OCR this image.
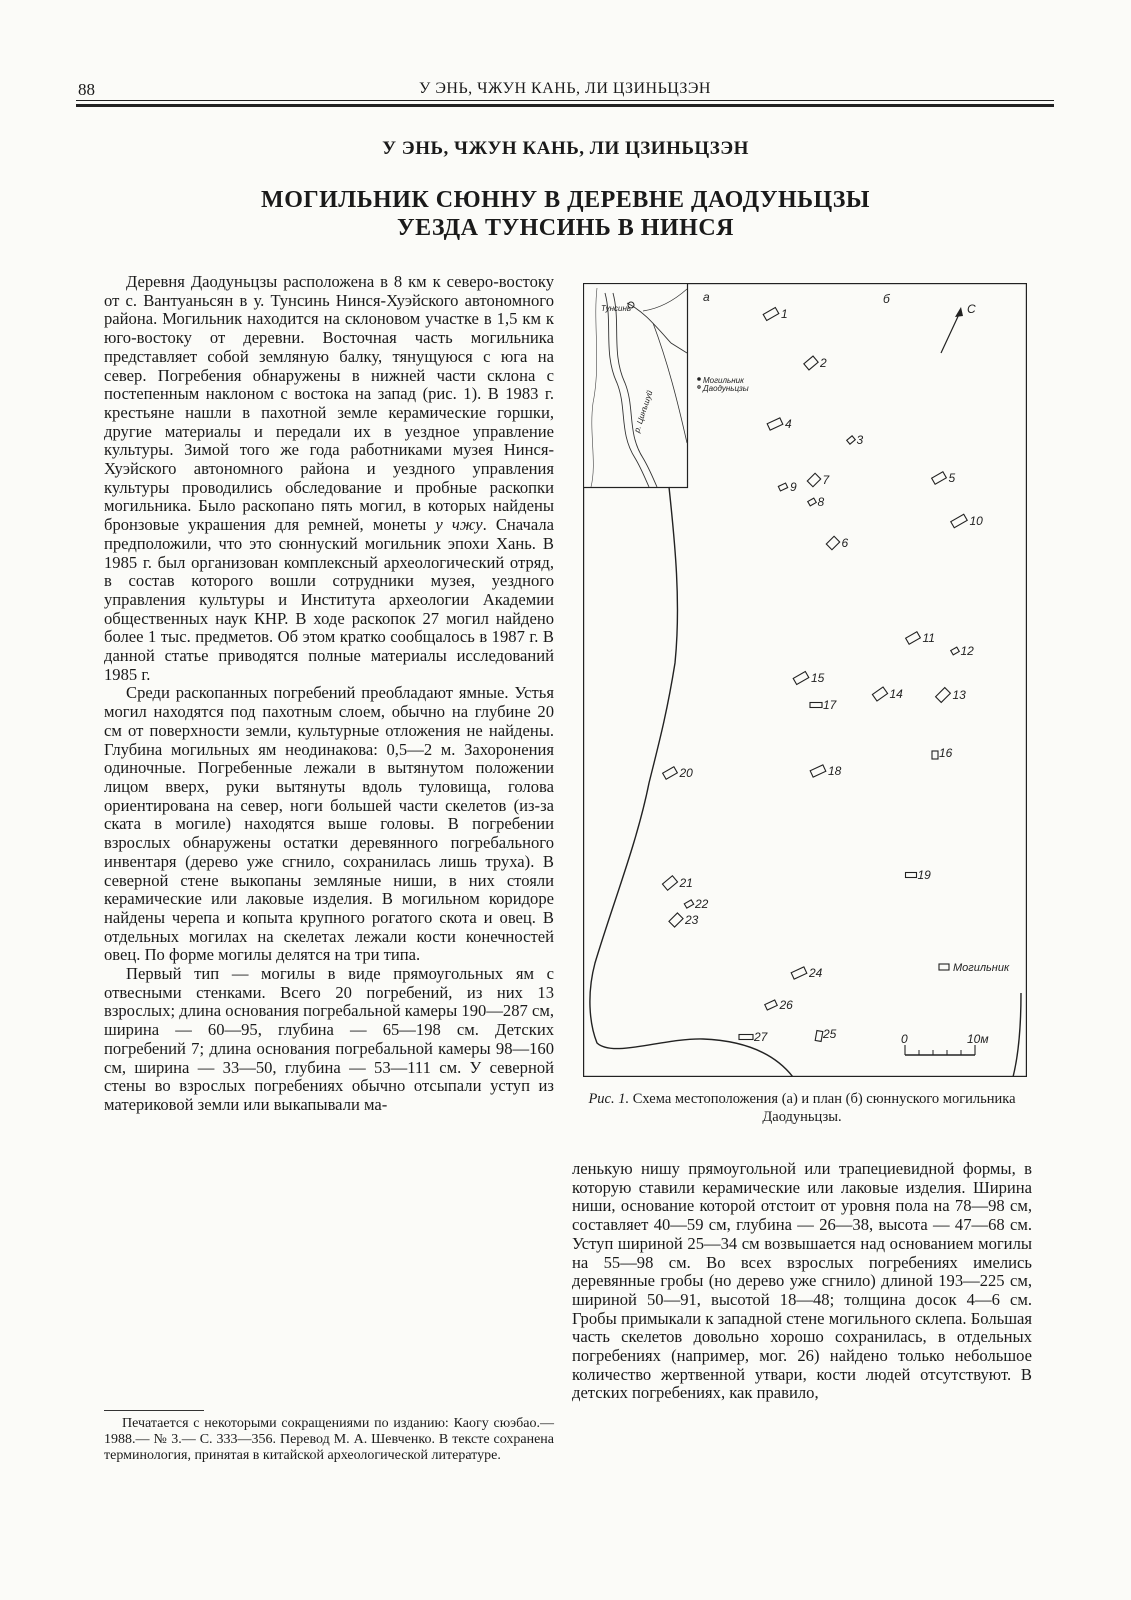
88	У ЭНЬ, ЧЖУН КАНЬ, ЛИ ЦЗИНЬЦЗЭН
У ЭНЬ, ЧЖУН КАНЬ, ЛИ ЦЗИНЬЦЗЭН
МОГИЛЬНИК СЮННУ В ДЕРЕВНЕ ДАОДУНЬЦЗЫ
УЕЗДА ТУНСИНЬ В НИНСЯ

Деревня Даодуньцзы расположена в 8 км к северо-востоку от с. Вантуаньсян в у. Тунсинь Нинся-Хуэйского автономного района. Могильник находится на склоновом участке в 1,5 км к юго-востоку от деревни. Восточная часть могильника представляет собой земляную балку, тянущуюся с юга на север. Погребения обнаружены в нижней части склона с постепенным наклоном с востока на запад (рис. 1). В 1983 г. крестьяне нашли в пахотной земле керамические горшки, другие материалы и передали их в уездное управление культуры. Зимой того же года работниками музея Нинся-Хуэйского автономного района и уездного управления культуры проводились обследование и пробные раскопки могильника. Было раскопано пять могил, в которых найдены бронзовые украшения для ремней, монеты у чжу. Сначала предположили, что это сюннуский могильник эпохи Хань. В 1985 г. был организован комплексный археологический отряд, в состав которого вошли сотрудники музея, уездного управления культуры и Института археологии Академии общественных наук КНР. В ходе раскопок 27 могил найдено более 1 тыс. предметов. Об этом кратко сообщалось в 1987 г. В данной статье приводятся полные материалы исследований 1985 г.

Среди раскопанных погребений преобладают ямные. Устья могил находятся под пахотным слоем, обычно на глубине 20 см от поверхности земли, культурные отложения не найдены. Глубина могильных ям неодинакова: 0,5—2 м. Захоронения одиночные. Погребенные лежали в вытянутом положении лицом вверх, руки вытянуты вдоль туловища, голова ориентирована на север, ноги большей части скелетов (из-за ската в могиле) находятся выше головы. В погребении взрослых обнаружены остатки деревянного погребального инвентаря (дерево уже сгнило, сохранилась лишь труха). В северной стене выкопаны земляные ниши, в них стояли керамические или лаковые изделия. В могильном коридоре найдены черепа и копыта крупного рогатого скота и овец. В отдельных могилах на скелетах лежали кости конечностей овец. По форме могилы делятся на три типа.

Первый тип — могилы в виде прямоугольных ям с отвесными стенками. Всего 20 погребений, из них 13 взрослых; длина основания погребальной камеры 190—287 см, ширина — 60—95, глубина — 65—198 см. Детских погребений 7; длина основания погребальной камеры 98—160 см, ширина — 33—50, глубина — 53—111 см. У северной стены во взрослых погребениях обычно отсыпали уступ из материковой земли или выкапывали ма-

Печатается с некоторыми сокращениями по изданию: Каогу сюэбао.— 1988.— № 3.— С. 333—356. Перевод М. А. Шевченко. В тексте сохранена терминология, принятая в китайской археологической литературе.
Тунсинь
Могильник
Даодуньцзы
р. Цинъшуй
а	б
С
1
2
3
4
5
6
7
8
9
10
11
12
13
14
15
16
17
18
19
20
21
22
23
24
25
26
27
Могильник
0	10м
Рис. 1. Схема местоположения (а) и план (б) сюннуского могильника Даодуньцзы.

ленькую нишу прямоугольной или трапециевидной формы, в которую ставили керамические или лаковые изделия. Ширина ниши, основание которой отстоит от уровня пола на 78—98 см, составляет 40—59 см, глубина — 26—38, высота — 47—68 см. Уступ шириной 25—34 см возвышается над основанием могилы на 55—98 см. Во всех взрослых погребениях имелись деревянные гробы (но дерево уже сгнило) длиной 193—225 см, шириной 50—91, высотой 18—48; толщина досок 4—6 см. Гробы примыкали к западной стене могильного склепа. Большая часть скелетов довольно хорошо сохранилась, в отдельных погребениях (например, мог. 26) найдено только небольшое количество жертвенной утвари, кости людей отсутствуют. В детских погребениях, как правило,
